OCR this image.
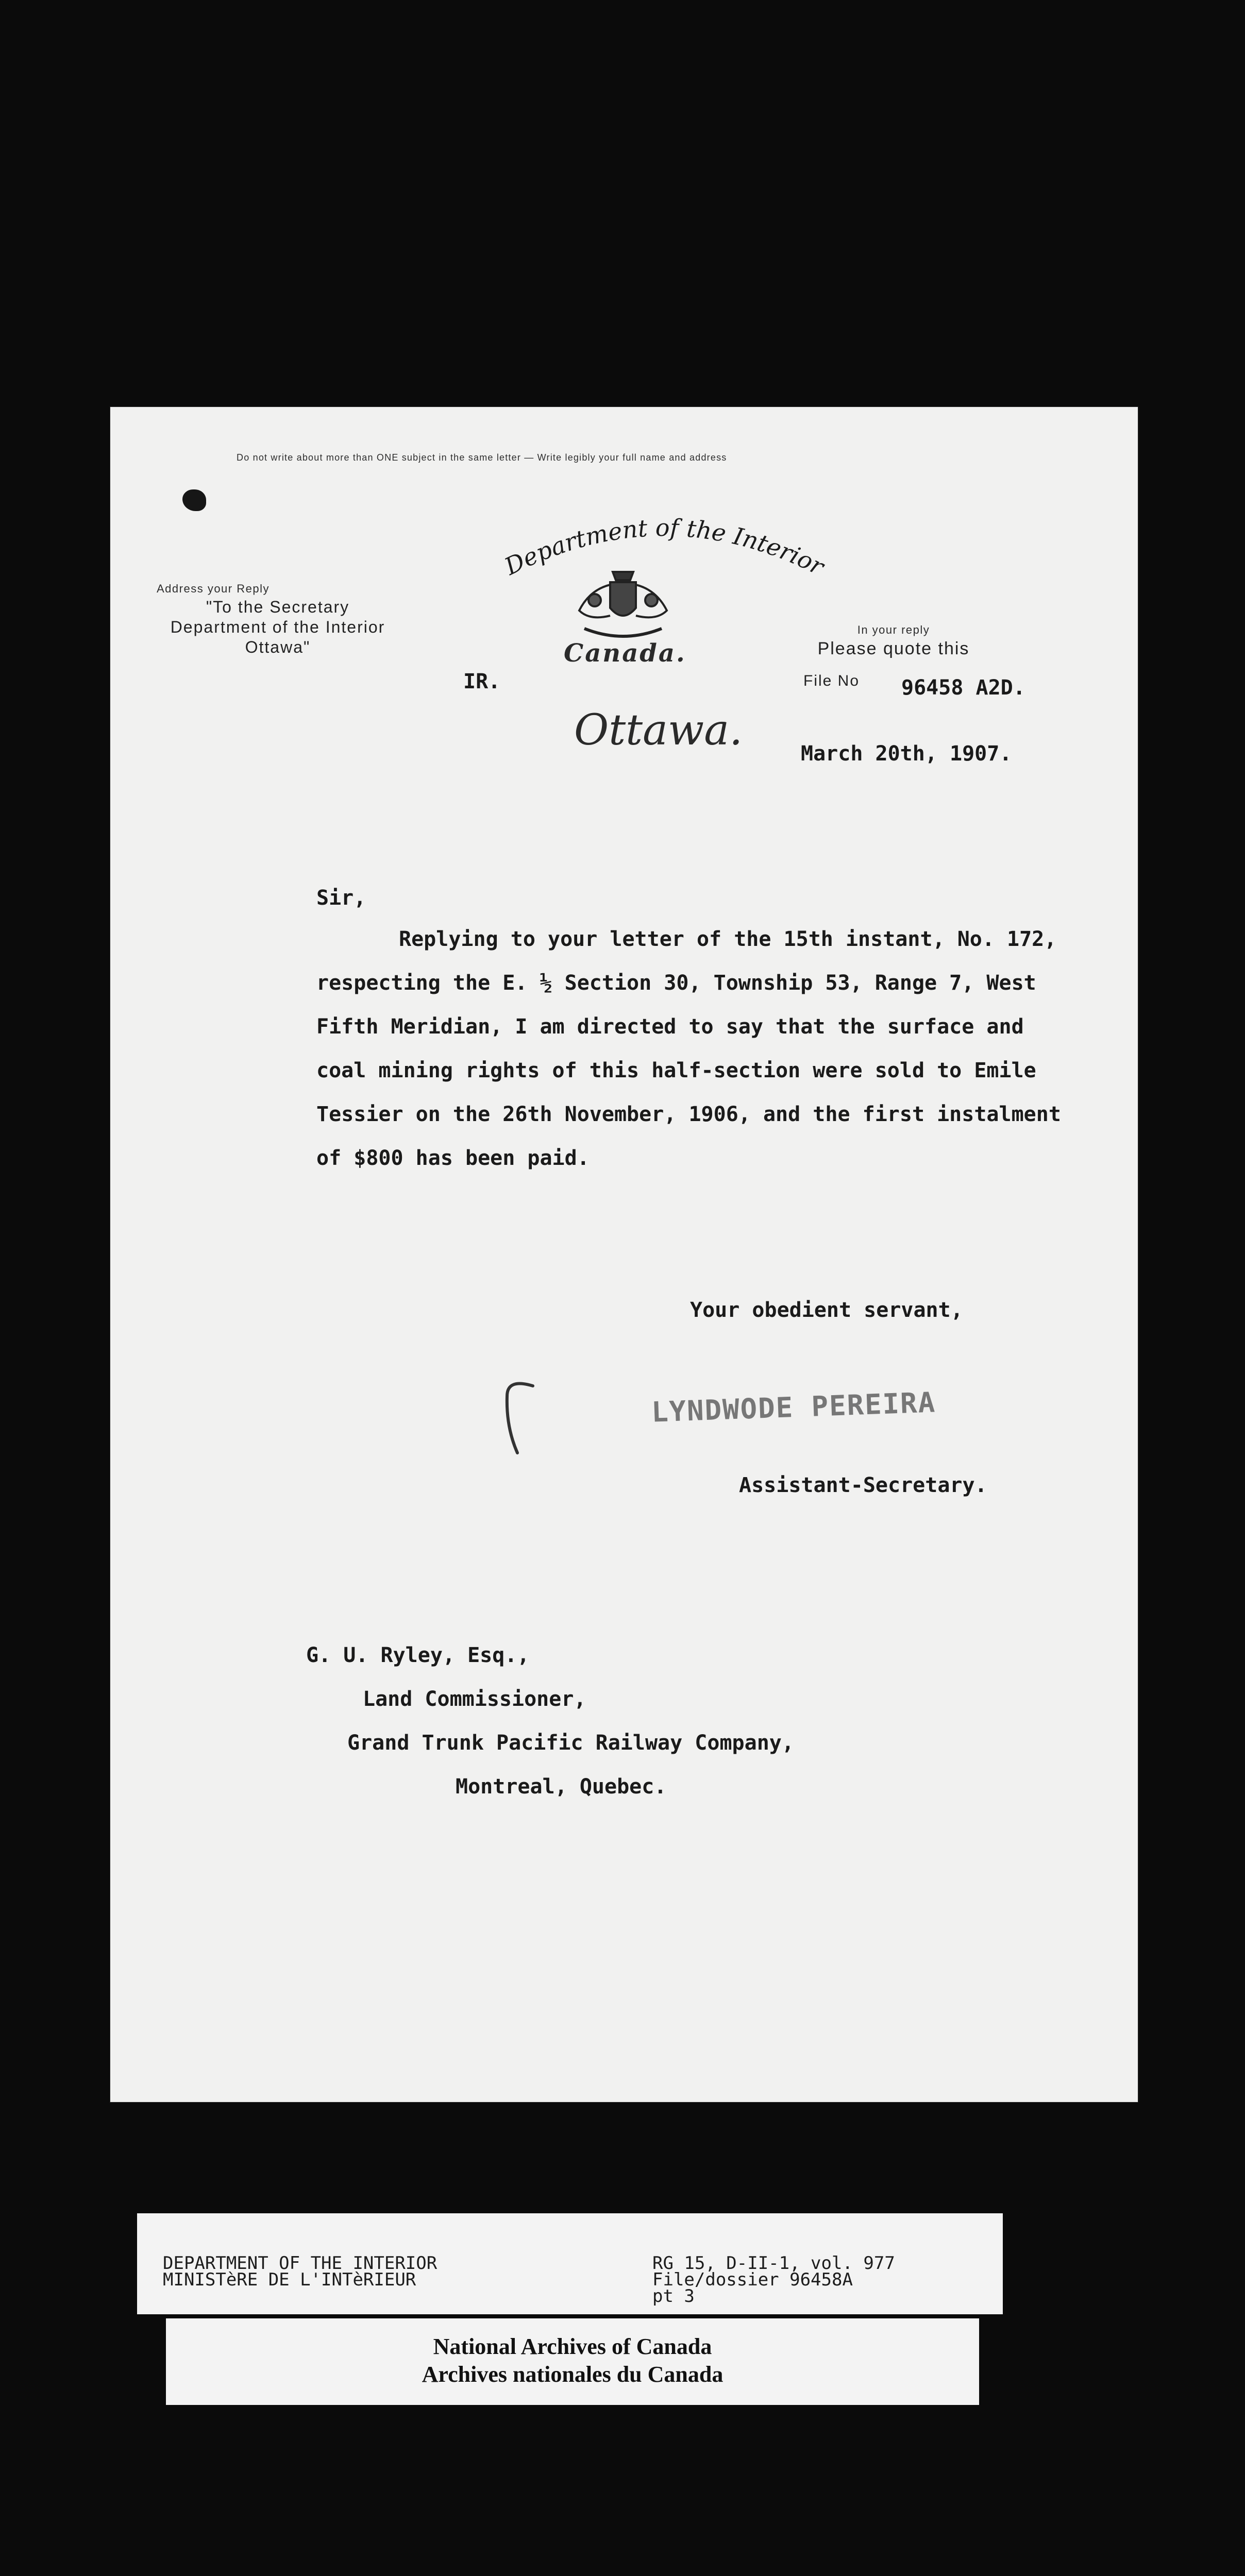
Do not write about more than ONE subject in the same letter — Write legibly your full name and address
Department of the Interior
Canada.
Ottawa.
Address your Reply
"To the Secretary
Department of the Interior
Ottawa"
In your reply
Please quote this
File No 96458 A2D.
IR.
March 20th, 1907.
Sir,
Replying to your letter of the 15th instant, No. 172,
respecting the E. ½ Section 30, Township 53, Range 7, West
Fifth Meridian, I am directed to say that the surface and
coal mining rights of this half-section were sold to Emile
Tessier on the 26th November, 1906, and the first instalment
of $800 has been paid.
Your obedient servant,
LYNDWODE PEREIRA
Assistant-Secretary.
G. U. Ryley, Esq.,
Land Commissioner,
Grand Trunk Pacific Railway Company,
Montreal, Quebec.
DEPARTMENT OF THE INTERIOR
MINISTèRE DE L'INTèRIEUR
RG 15, D-II-1, vol. 977
File/dossier 96458A
pt 3
National Archives of Canada
Archives nationales du Canada
